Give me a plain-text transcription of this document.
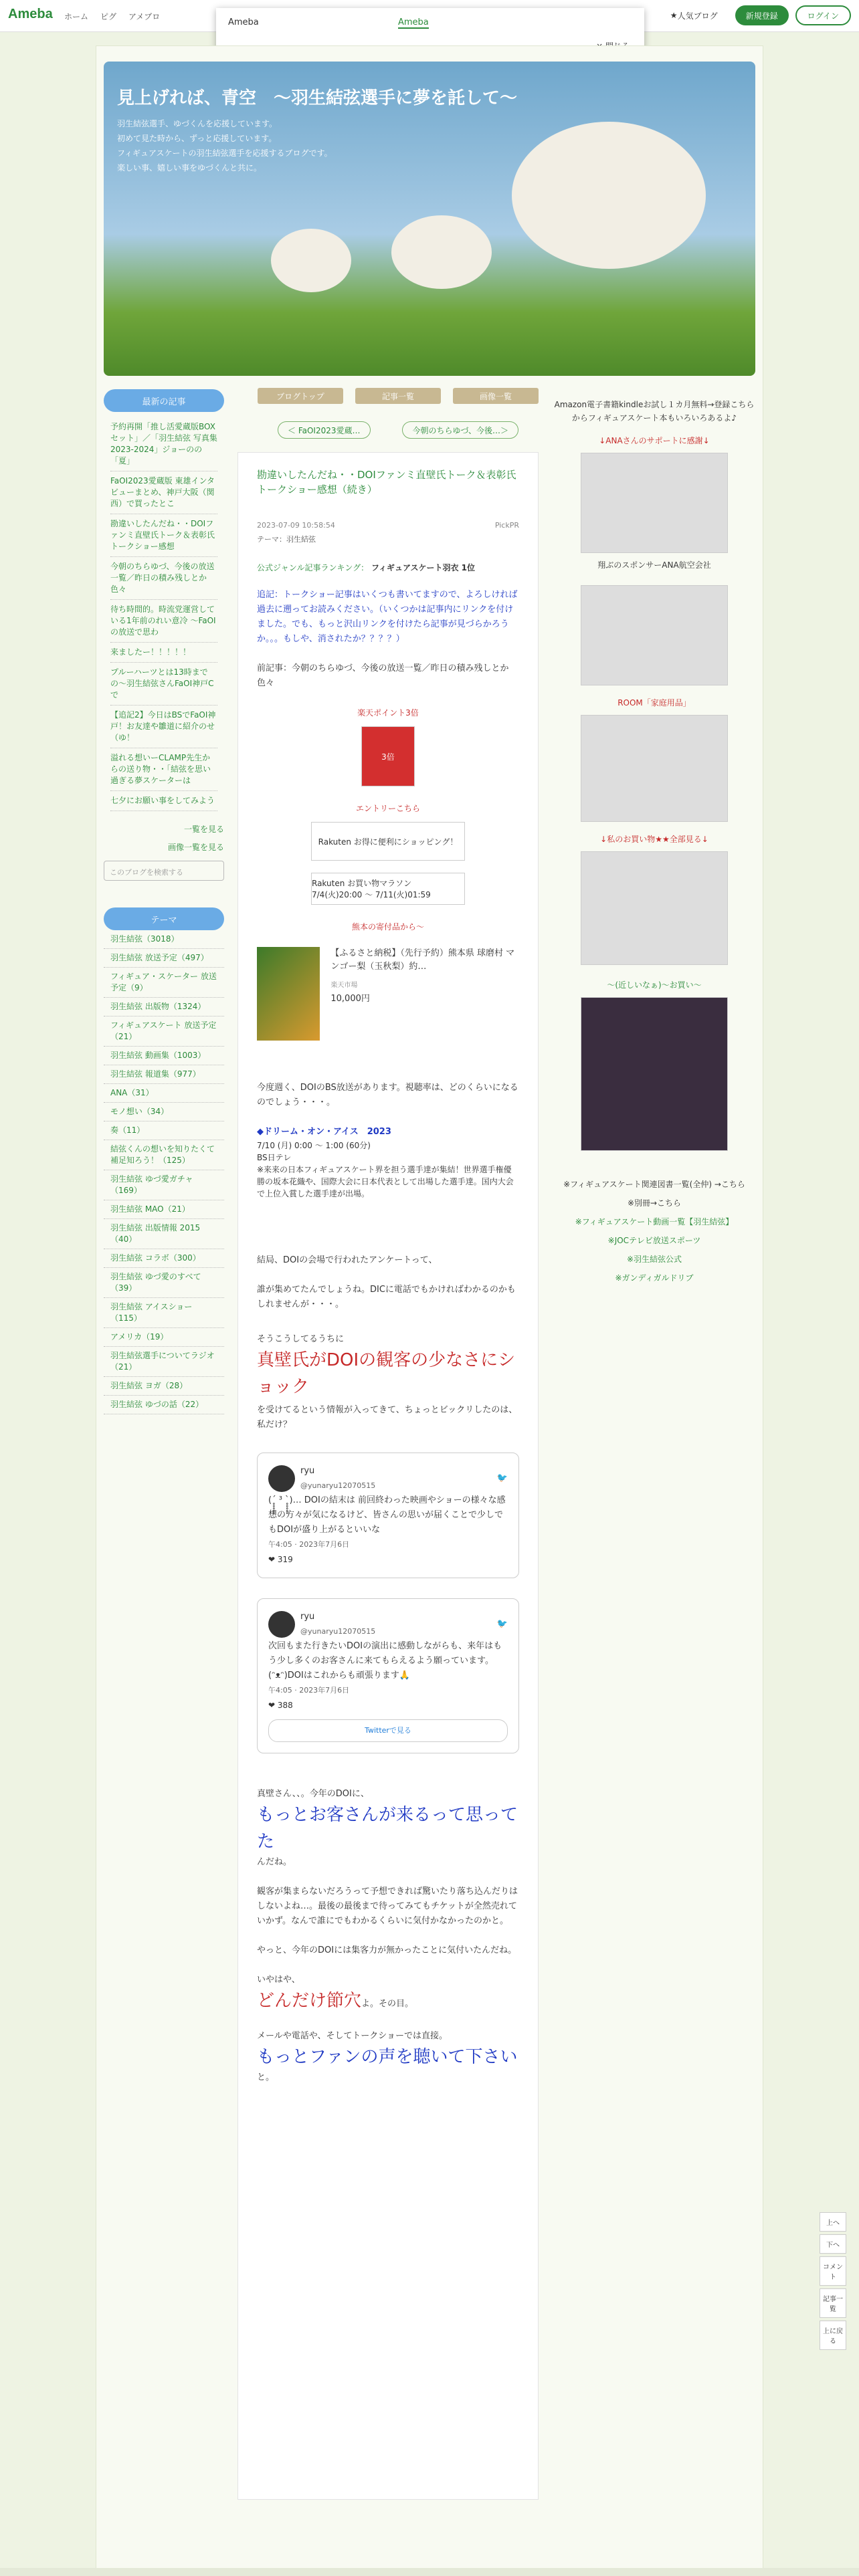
Ameba ホーム ピグ アメブロ	★ 人気ブログ	新規登録	ログイン
Ameba	Ameba
見上げれば、青空　〜羽生結弦選手に夢を託して〜
羽生結弦選手、ゆづくんを応援しています。
初めて見た時から、ずっと応援しています。
フィギュアスケートの羽生結弦選手を応援するブログです。
楽しい事、嬉しい事をゆづくんと共に。
最新の記事
予約再開「推し活愛蔵版BOX セット」／「羽生結弦 写真集 2023-2024」ジョーのの「夏」
FaOI2023愛蔵版 東雄インタビューまとめ、神戸大阪（関西）で買ったとこ
勘違いしたんだね・・DOIファンミ直壁氏トーク＆表彰氏トークショー感想
今朝のちらゆづ、今後の放送一覧／昨日の積み残しとか色々
待ち時間的。時流党運営している1年前のれい意冷 〜FaOI の放送で思わ
来ましたー！！！！！
プルーハーツとは13時までの〜羽生結弦さんFaOI神戸Cで
【追記2】今日はBSでFaOI神戸！お友達や雛道に紹介のせ（ゆ！
溢れる想いーCLAMP先生からの送り物・・「結弦を思い過ぎる夢スケーターは
七夕にお願い事をしてみよう
一覧を見る
画像一覧を見る
このブログを検索する
テーマ
羽生結弦（3018）
羽生結弦 放送予定（497）
フィギュア・スケーター 放送予定（9）
羽生結弦 出版物（1324）
フィギュアスケート 放送予定（21）
羽生結弦 動画集（1003）
羽生結弦 報道集（977）
ANA（31）
モノ想い（34）
奏（11）
結弦くんの想いを知りたくて 補足知ろう！（125）
羽生結弦 ゆづ愛ガチャ（169）
羽生結弦 MAO（21）
羽生結弦 出版情報 2015（40）
羽生結弦 コラボ（300）
羽生結弦 ゆづ愛のすべて（39）
羽生結弦 アイスショー（115）
アメリカ（19）
羽生結弦選手についてラジオ（21）
羽生結弦 ヨガ（28）
羽生結弦 ゆづの話（22）
ブログトップ	記事一覧	画像一覧
＜ FaOI2023愛蔵…	今朝のちらゆづ、今後…＞
勘違いしたんだね・・DOIファンミ直壁氏トーク＆表彰氏トークショー感想（続き）
2023-07-09 10:58:54	PickPR
テーマ：羽生結弦
公式ジャンル記事ランキング： フィギュアスケート羽衣 1位
追記：トークショー記事はいくつも書いてますので、よろしければ過去に遡ってお読みください。（いくつかは記事内にリンクを付けました。でも、もっと沢山リンクを付けたら記事が見づらかろうか。。。もしや、消されたか？？？？）
前記事：今朝のちらゆづ、今後の放送一覧／昨日の積み残しとか色々
楽天ポイント3倍
3倍
エントリーこちら
Rakuten お得に便利にショッピング！
Rakuten お買い物マラソン 7/4(火)20:00 〜 7/11(火)01:59
熊本の寄付品から〜
【ふるさと納税】（先行予約）熊本県 球磨村 マンゴー梨（玉秋梨）約…
楽天市場
10,000円
今度週く、DOIのBS放送があります。視聴率は、どのくらいになるのでしょう・・・。
◆ドリーム・オン・アイス　2023
7/10 (月) 0:00 〜 1:00 (60分)
BS日テレ
※来来の日本フィギュアスケート界を担う選手達が集結！世界選手権優勝の坂本花織や、国際大会に日本代表として出場した選手達。国内大会で上位入賞した選手達が出場。
結局、DOIの会場で行われたアンケートって、
誰が集めてたんでしょうね。DICに電話でもかければわかるのかもしれませんが・・・。
そうこうしてるうちに
真壁氏がDOIの観客の少なさにショック
を受けてるという情報が入ってきて、ちょっとビックリしたのは、私だけ？
ryu
@yunaryu12070515
🐦
(ˊ̥̥̥̥̥ ³ ˋ̥̥̥̥̥)… DOIの結末は 前回終わった映画やショーの様々な感想の方々が気になるけど、皆さんの思いが届くことで少しでもDOIが盛り上がるといいな
午4:05 · 2023年7月6日
❤ 319
ryu
@yunaryu12070515
🐦
次回もまた行きたいDOIの演出に感動しながらも、来年はもう少し多くのお客さんに来てもらえるよう願っています。 (ᵔᴥᵔ)DOIはこれからも頑張ります🙏
午4:05 · 2023年7月6日
❤ 388
Twitterで見る
真壁さん、、。今年のDOIに、
もっとお客さんが来るって思ってた
んだね。
観客が集まらないだろうって予想できれば驚いたり落ち込んだりはしないよね…。最後の最後まで待ってみてもチケットが全然売れていかず。なんで誰にでもわかるくらいに気付かなかったのかと。
やっと、今年のDOIには集客力が無かったことに気付いたんだね。
いやはや、
どんだけ節穴よ。その目。
メールや電話や、そしてトークショーでは直接。
もっとファンの声を聴いて下さい
と。
Amazon電子書籍kindleお試し１カ月無料→登録こちらからフィギュアスケート本もいろいろあるよ♪
↓ANAさんのサポートに感謝↓
翔ぶのスポンサーANA航空会社
ROOM「家庭用品」
↓私のお買い物★★全部見る↓
〜(近しいなぁ)〜お買い〜
※フィギュアスケート関連図書一覧(全仲) →こちら
※別冊→こちら
※フィギュアスケート動画一覧【羽生結弦】
※JOCテレビ放送スポーツ
※羽生結弦公式
※ガンディガルドリブ
上へ
下へ
コメント
記事一覧
上に戻る
